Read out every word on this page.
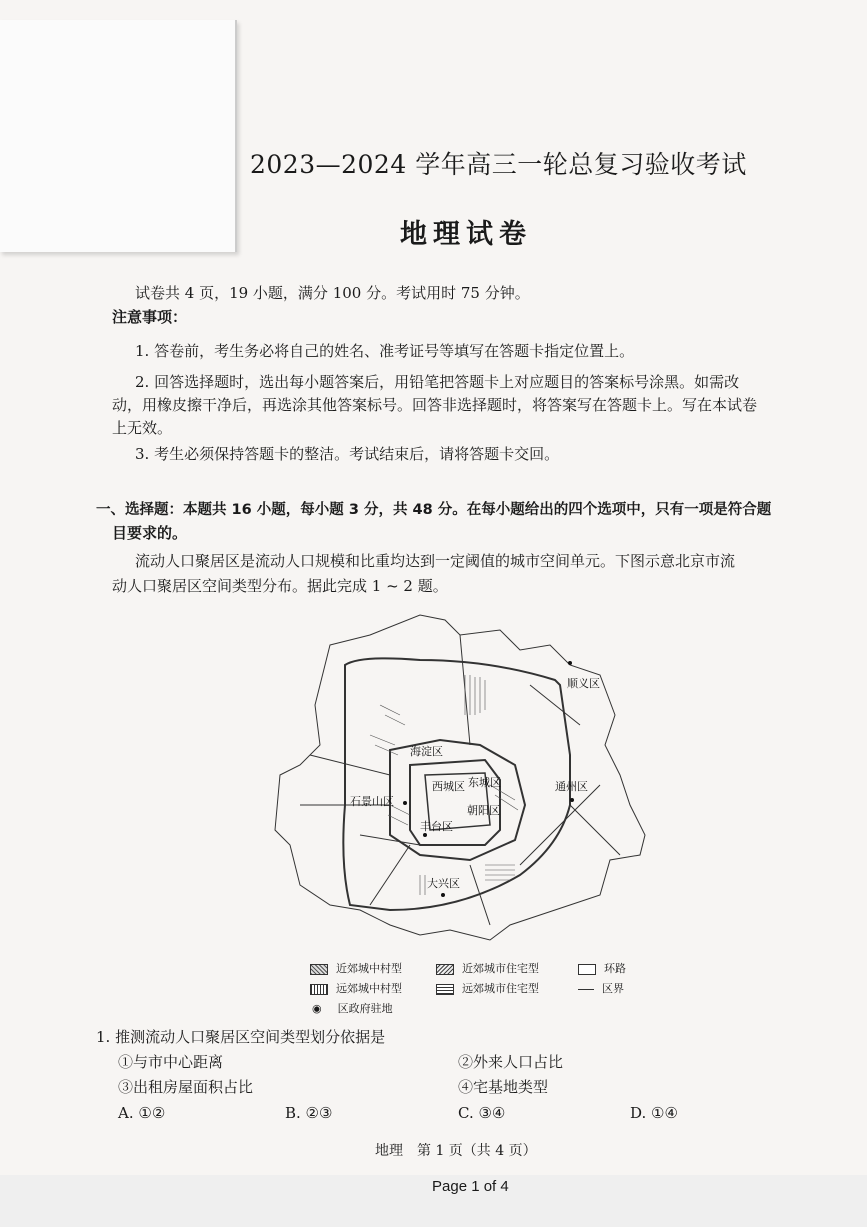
2023—2024 学年高三一轮总复习验收考试
地理试卷
试卷共 4 页，19 小题，满分 100 分。考试用时 75 分钟。
注意事项：
1. 答卷前，考生务必将自己的姓名、准考证号等填写在答题卡指定位置上。
2. 回答选择题时，选出每小题答案后，用铅笔把答题卡上对应题目的答案标号涂黑。如需改
动，用橡皮擦干净后，再选涂其他答案标号。回答非选择题时，将答案写在答题卡上。写在本试卷
上无效。
3. 考生必须保持答题卡的整洁。考试结束后，请将答题卡交回。
一、选择题：本题共 16 小题，每小题 3 分，共 48 分。在每小题给出的四个选项中，只有一项是符合题
目要求的。
流动人口聚居区是流动人口规模和比重均达到一定阈值的城市空间单元。下图示意北京市流
动人口聚居区空间类型分布。据此完成 1 ~ 2 题。
顺义区
海淀区
西城区 东城区
朝阳区
丰台区
石景山区
通州区
大兴区
近郊城中村型	近郊城市住宅型	环路
远郊城中村型	远郊城市住宅型	区界
◉ 区政府驻地
1. 推测流动人口聚居区空间类型划分依据是
①与市中心距离	②外来人口占比
③出租房屋面积占比	④宅基地类型
A. ①②	B. ②③	C. ③④	D. ①④
地理　第 1 页（共 4 页）
Page 1 of 4
